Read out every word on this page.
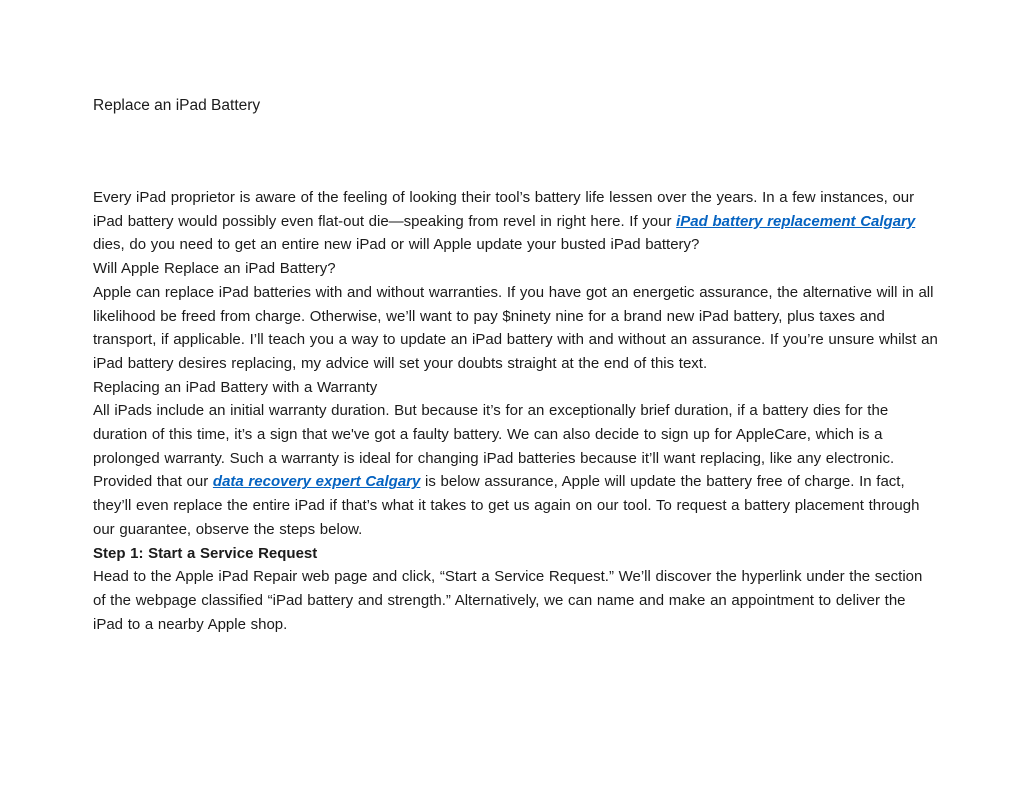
Replace an iPad Battery

Every iPad proprietor is aware of the feeling of looking their tool’s battery life lessen over the years. In a few instances, our iPad battery would possibly even flat-out die—speaking from revel in right here. If your iPad battery replacement Calgary dies, do you need to get an entire new iPad or will Apple update your busted iPad battery?

Will Apple Replace an iPad Battery?

Apple can replace iPad batteries with and without warranties. If you have got an energetic assurance, the alternative will in all likelihood be freed from charge. Otherwise, we’ll want to pay $ninety nine for a brand new iPad battery, plus taxes and transport, if applicable. I’ll teach you a way to update an iPad battery with and without an assurance. If you’re unsure whilst an iPad battery desires replacing, my advice will set your doubts straight at the end of this text.

Replacing an iPad Battery with a Warranty

All iPads include an initial warranty duration. But because it’s for an exceptionally brief duration, if a battery dies for the duration of this time, it’s a sign that we've got a faulty battery. We can also decide to sign up for AppleCare, which is a prolonged warranty. Such a warranty is ideal for changing iPad batteries because it’ll want replacing, like any electronic. Provided that our data recovery expert Calgary is below assurance, Apple will update the battery free of charge. In fact, they’ll even replace the entire iPad if that’s what it takes to get us again on our tool. To request a battery placement through our guarantee, observe the steps below.

Step 1: Start a Service Request

Head to the Apple iPad Repair web page and click, “Start a Service Request.” We’ll discover the hyperlink under the section of the webpage classified “iPad battery and strength.” Alternatively, we can name and make an appointment to deliver the iPad to a nearby Apple shop.
